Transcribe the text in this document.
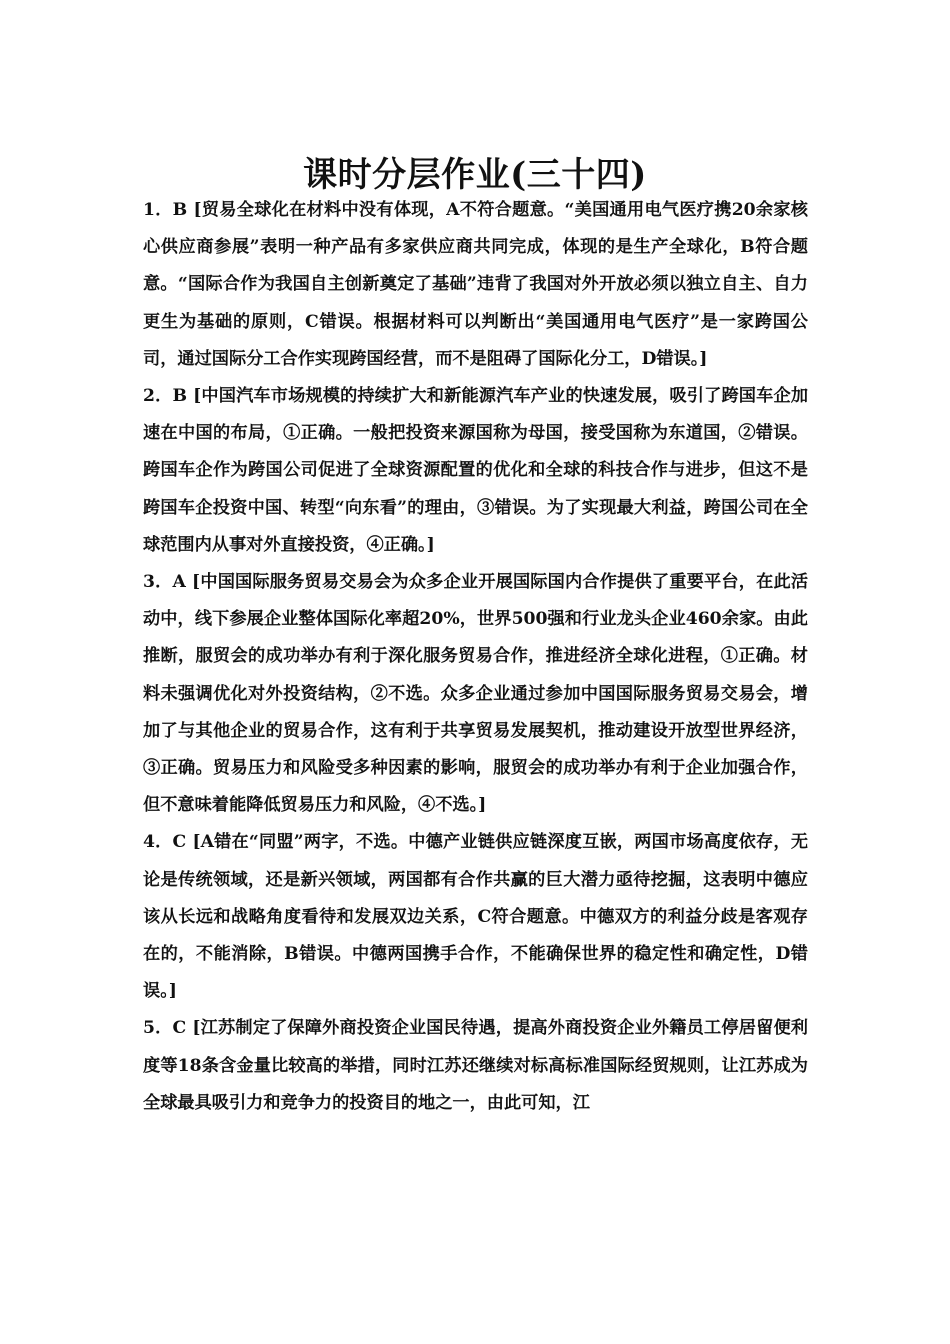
课时分层作业(三十四)

1．B [贸易全球化在材料中没有体现，A不符合题意。“美国通用电气医疗携20余家核心供应商参展”表明一种产品有多家供应商共同完成，体现的是生产全球化，B符合题意。“国际合作为我国自主创新奠定了基础”违背了我国对外开放必须以独立自主、自力更生为基础的原则，C错误。根据材料可以判断出“美国通用电气医疗”是一家跨国公司，通过国际分工合作实现跨国经营，而不是阻碍了国际化分工，D错误。]

2．B [中国汽车市场规模的持续扩大和新能源汽车产业的快速发展，吸引了跨国车企加速在中国的布局，①正确。一般把投资来源国称为母国，接受国称为东道国，②错误。跨国车企作为跨国公司促进了全球资源配置的优化和全球的科技合作与进步，但这不是跨国车企投资中国、转型“向东看”的理由，③错误。为了实现最大利益，跨国公司在全球范围内从事对外直接投资，④正确。]

3．A [中国国际服务贸易交易会为众多企业开展国际国内合作提供了重要平台，在此活动中，线下参展企业整体国际化率超20%，世界500强和行业龙头企业460余家。由此推断，服贸会的成功举办有利于深化服务贸易合作，推进经济全球化进程，①正确。材料未强调优化对外投资结构，②不选。众多企业通过参加中国国际服务贸易交易会，增加了与其他企业的贸易合作，这有利于共享贸易发展契机，推动建设开放型世界经济，③正确。贸易压力和风险受多种因素的影响，服贸会的成功举办有利于企业加强合作，但不意味着能降低贸易压力和风险，④不选。]

4．C [A错在“同盟”两字，不选。中德产业链供应链深度互嵌，两国市场高度依存，无论是传统领域，还是新兴领域，两国都有合作共赢的巨大潜力亟待挖掘，这表明中德应该从长远和战略角度看待和发展双边关系，C符合题意。中德双方的利益分歧是客观存在的，不能消除，B错误。中德两国携手合作，不能确保世界的稳定性和确定性，D错误。]

5．C [江苏制定了保障外商投资企业国民待遇，提高外商投资企业外籍员工停居留便利度等18条含金量比较高的举措，同时江苏还继续对标高标准国际经贸规则，让江苏成为全球最具吸引力和竞争力的投资目的地之一，由此可知，江
